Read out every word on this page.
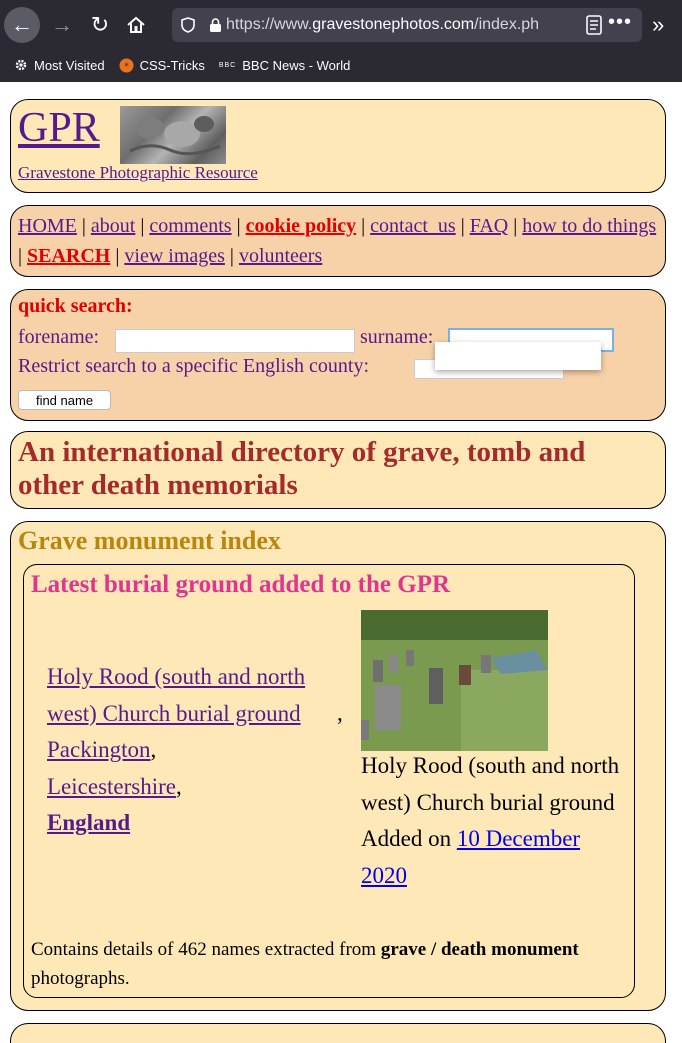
← → ↻	https://www.gravestonephotos.com/index.ph	••• »
Most Visited * CSS-Tricks BBC BBC News - World
GPR
Gravestone Photographic Resource
HOME | about | comments | cookie policy | contact_us | FAQ | how to do things | SEARCH | view images | volunteers
quick search:
forename:	surname:
Restrict search to a specific English county:
find name
An international directory of grave, tomb and other death memorials
Grave monument index
Latest burial ground added to the GPR
Holy Rood (south and north west) Church burial ground ,
Packington,
Leicestershire,
England
Holy Rood (south and north west) Church burial ground
Added on 10 December 2020
Contains details of 462 names extracted from grave / death monument photographs.
